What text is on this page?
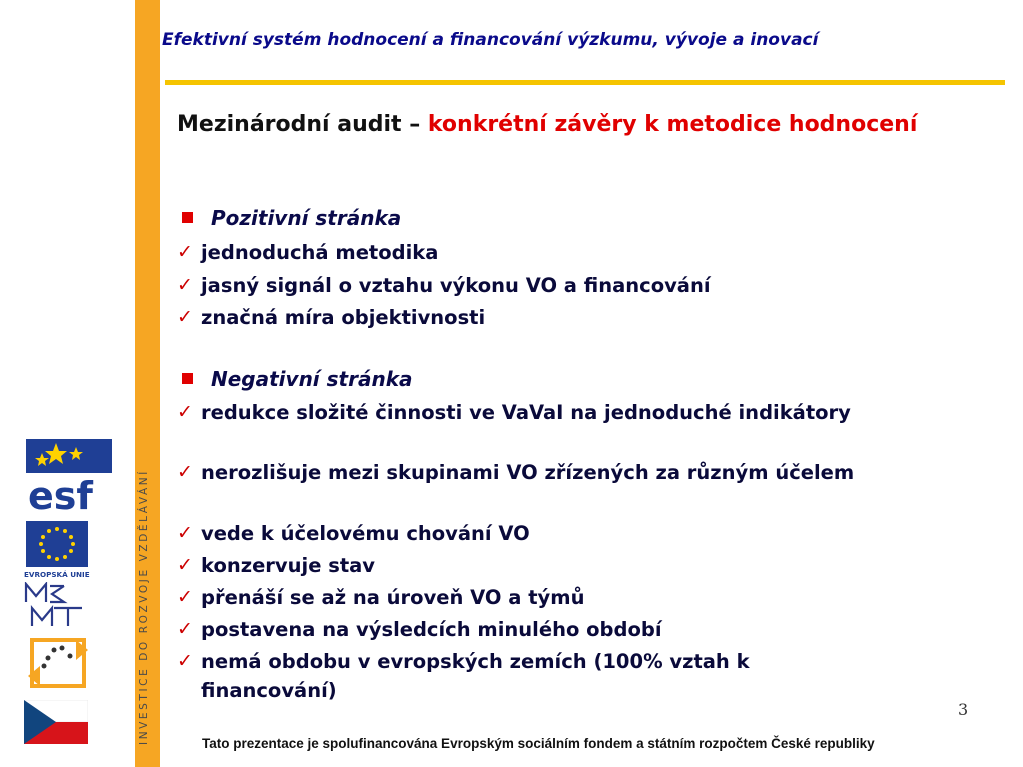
esf
EVROPSKÁ UNIE	INVESTICE DO ROZVOJE VZDĚLÁVÁNÍ
Efektivní systém hodnocení a financování výzkumu, vývoje a inovací
Mezinárodní audit – konkrétní závěry k metodice hodnocení
Pozitivní stránka
✓ jednoduchá metodika
✓ jasný signál o vztahu výkonu VO a financování
✓ značná míra objektivnosti
Negativní stránka
✓ redukce složité činnosti ve VaVaI na jednoduché indikátory
✓ nerozlišuje mezi skupinami VO zřízených za různým účelem
✓ vede k účelovému chování VO
✓ konzervuje stav
✓ přenáší se až na úroveň VO a týmů
✓ postavena na výsledcích minulého období
✓ nemá obdobu v evropských zemích (100% vztah k financování)
3
Tato prezentace je spolufinancována Evropským sociálním fondem a státním rozpočtem České republiky
